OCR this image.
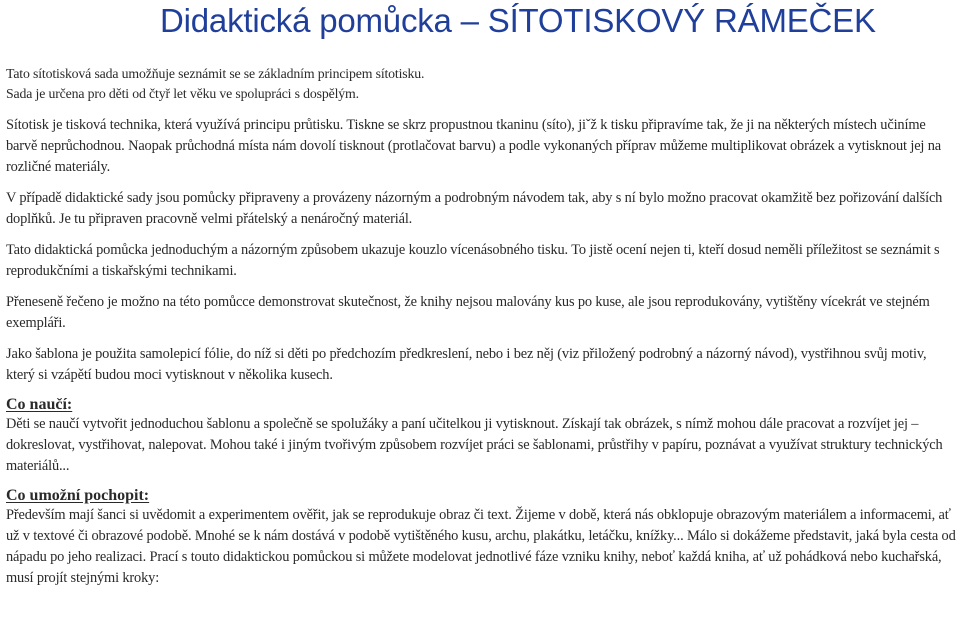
Didaktická pomůcka – SÍTOTISKOVÝ RÁMEČEK

Tato sítotisková sada umožňuje seznámit se se základním principem sítotisku.
Sada je určena pro děti od čtyř let věku ve spolupráci s dospělým.

Sítotisk je tisková technika, která využívá principu průtisku. Tiskne se skrz propustnou tkaninu (síto), jiˇž k tisku připravíme tak, že ji na některých místech učiníme barvě neprůchodnou. Naopak průchodná místa nám dovolí tisknout (protlačovat barvu) a podle vykonaných příprav můžeme multiplikovat obrázek a vytisknout jej na rozličné materiály.

V případě didaktické sady jsou pomůcky připraveny a provázeny názorným a podrobným návodem tak, aby s ní bylo možno pracovat okamžitě bez pořizování dalších doplňků. Je tu připraven pracovně velmi přátelský a nenáročný materiál.

Tato didaktická pomůcka jednoduchým a názorným způsobem ukazuje kouzlo vícenásobného tisku. To jistě ocení nejen ti, kteří dosud neměli příležitost se seznámit s reprodukčními a tiskařskými technikami.

Přeneseně řečeno je možno na této pomůcce demonstrovat skutečnost, že knihy nejsou malovány kus po kuse, ale jsou reprodukovány, vytištěny vícekrát ve stejném exempláři.

Jako šablona je použita samolepicí fólie, do níž si děti po předchozím předkreslení, nebo i bez něj (viz přiložený podrobný a názorný návod), vystřihnou svůj motiv, který si vzápětí budou moci vytisknout v několika kusech.

Co naučí:

Děti se naučí vytvořit jednoduchou šablonu a společně se spolužáky a paní učitelkou ji vytisknout. Získají tak obrázek, s nímž mohou dále pracovat a rozvíjet jej – dokreslovat, vystřihovat, nalepovat. Mohou také i jiným tvořivým způsobem rozvíjet práci se šablonami, průstřihy v papíru, poznávat a využívat struktury technických materiálů...

Co umožní pochopit:

Především mají šanci si uvědomit a experimentem ověřit, jak se reprodukuje obraz či text. Žijeme v době, která nás obklopuje obrazovým materiálem a informacemi, ať už v textové či obrazové podobě. Mnohé se k nám dostává v podobě vytištěného kusu, archu, plakátku, letáčku, knížky... Málo si dokážeme představit, jaká byla cesta od nápadu po jeho realizaci. Prací s touto didaktickou pomůckou si můžete modelovat jednotlivé fáze vzniku knihy, neboť každá kniha, ať už pohádková nebo kuchařská, musí projít stejnými kroky:
